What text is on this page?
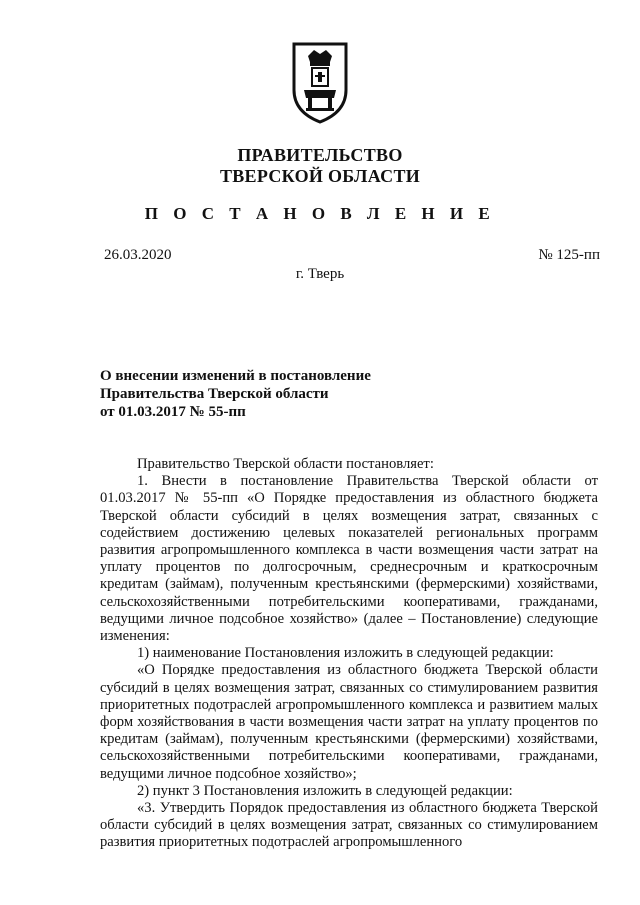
ПРАВИТЕЛЬСТВО
ТВЕРСКОЙ ОБЛАСТИ
П О С Т А Н О В Л Е Н И Е
26.03.2020	№ 125-пп
г. Тверь
О внесении изменений в постановление
Правительства Тверской области
от 01.03.2017 № 55-пп

Правительство Тверской области постановляет:

1. Внести в постановление Правительства Тверской области от 01.03.2017 № 55-пп «О Порядке предоставления из областного бюджета Тверской области субсидий в целях возмещения затрат, связанных с содействием достижению целевых показателей региональных программ развития агропромышленного комплекса в части возмещения части затрат на уплату процентов по долгосрочным, среднесрочным и краткосрочным кредитам (займам), полученным крестьянскими (фермерскими) хозяйствами, сельскохозяйственными потребительскими кооперативами, гражданами, ведущими личное подсобное хозяйство» (далее – Постановление) следующие изменения:

1) наименование Постановления изложить в следующей редакции:

«О Порядке предоставления из областного бюджета Тверской области субсидий в целях возмещения затрат, связанных со стимулированием развития приоритетных подотраслей агропромышленного комплекса и развитием малых форм хозяйствования в части возмещения части затрат на уплату процентов по кредитам (займам), полученным крестьянскими (фермерскими) хозяйствами, сельскохозяйственными потребительскими кооперативами, гражданами, ведущими личное подсобное хозяйство»;

2) пункт 3 Постановления изложить в следующей редакции:

«3. Утвердить Порядок предоставления из областного бюджета Тверской области субсидий в целях возмещения затрат, связанных со стимулированием развития приоритетных подотраслей агропромышленного
